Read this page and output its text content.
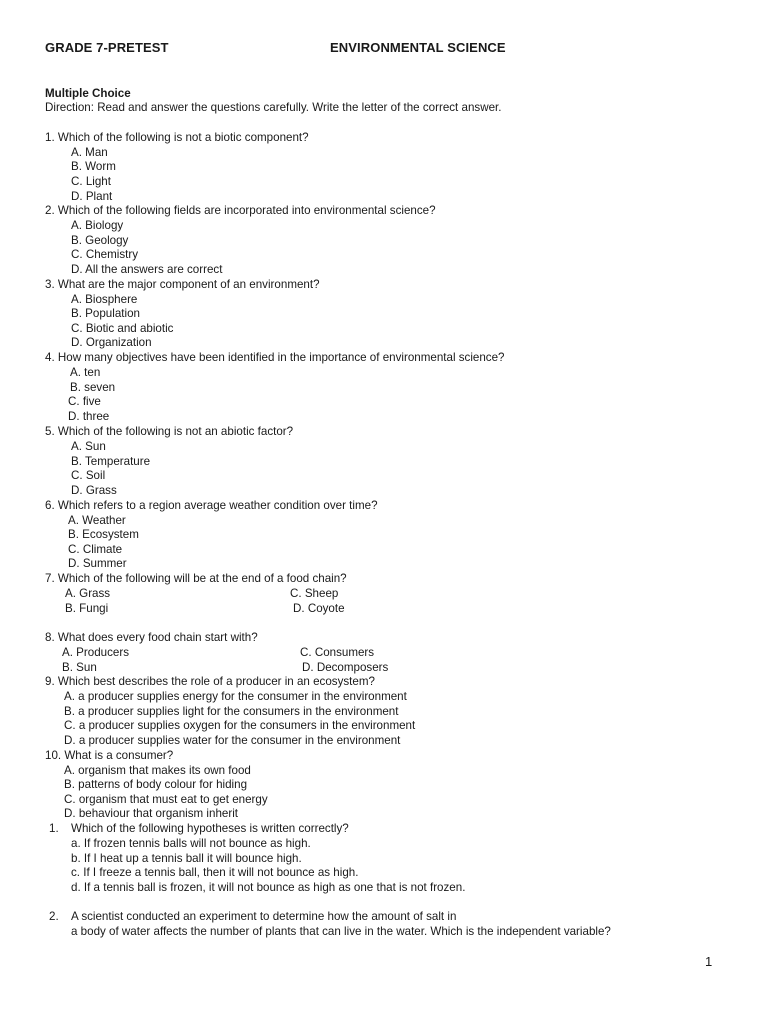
GRADE 7-PRETEST	ENVIRONMENTAL SCIENCE
Multiple Choice
Direction: Read and answer the questions carefully. Write the letter of the correct answer.
1. Which of the following is not a biotic component?
A. Man
B. Worm
C. Light
D. Plant
2. Which of the following fields are incorporated into environmental science?
A. Biology
B. Geology
C. Chemistry
D. All the answers are correct
3. What are the major component of an environment?
A. Biosphere
B. Population
C. Biotic and abiotic
D. Organization
4. How many objectives have been identified in the importance of environmental science?
A. ten
B. seven
C. five
D. three
5. Which of the following is not an abiotic factor?
A. Sun
B. Temperature
C. Soil
D. Grass
6. Which refers to a region average weather condition over time?
A. Weather
B. Ecosystem
C. Climate
D. Summer
7. Which of the following will be at the end of a food chain?
A. Grass	C. Sheep
B. Fungi	D. Coyote
8. What does every food chain start with?
A. Producers	C. Consumers
B. Sun	D. Decomposers
9. Which best describes the role of a producer in an ecosystem?
A. a producer supplies energy for the consumer in the environment
B. a producer supplies light for the consumers in the environment
C. a producer supplies oxygen for the consumers in the environment
D. a producer supplies water for the consumer in the environment
10. What is a consumer?
A. organism that makes its own food
B. patterns of body colour for hiding
C. organism that must eat to get energy
D. behaviour that organism inherit
1. Which of the following hypotheses is written correctly?
a. If frozen tennis balls will not bounce as high.
b. If I heat up a tennis ball it will bounce high.
c. If I freeze a tennis ball, then it will not bounce as high.
d. If a tennis ball is frozen, it will not bounce as high as one that is not frozen.
2. A scientist conducted an experiment to determine how the amount of salt in
a body of water affects the number of plants that can live in the water. Which is the independent variable?
1
